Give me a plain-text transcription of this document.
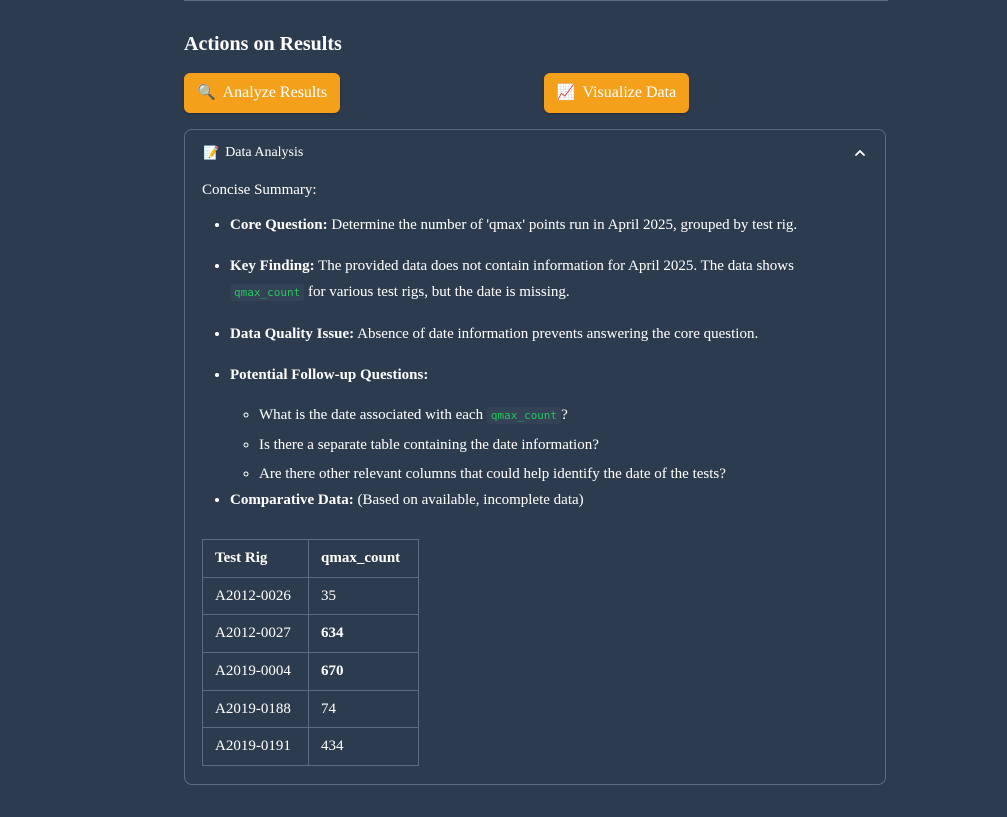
Actions on Results
🔍 Analyze Results	📈 Visualize Data
📝 Data Analysis

Concise Summary:

• Core Question: Determine the number of 'qmax' points run in April 2025, grouped by test rig.
• Key Finding: The provided data does not contain information for April 2025. The data shows
qmax_count for various test rigs, but the date is missing.
• Data Quality Issue: Absence of date information prevents answering the core question.
• Potential Follow-up Questions:
◦ What is the date associated with each qmax_count ?
◦ Is there a separate table containing the date information?
◦ Are there other relevant columns that could help identify the date of the tests?
• Comparative Data: (Based on available, incomplete data)
Test Rig	qmax_count
A2012-0026	35
A2012-0027	634
A2019-0004	670
A2019-0188	74
A2019-0191	434
